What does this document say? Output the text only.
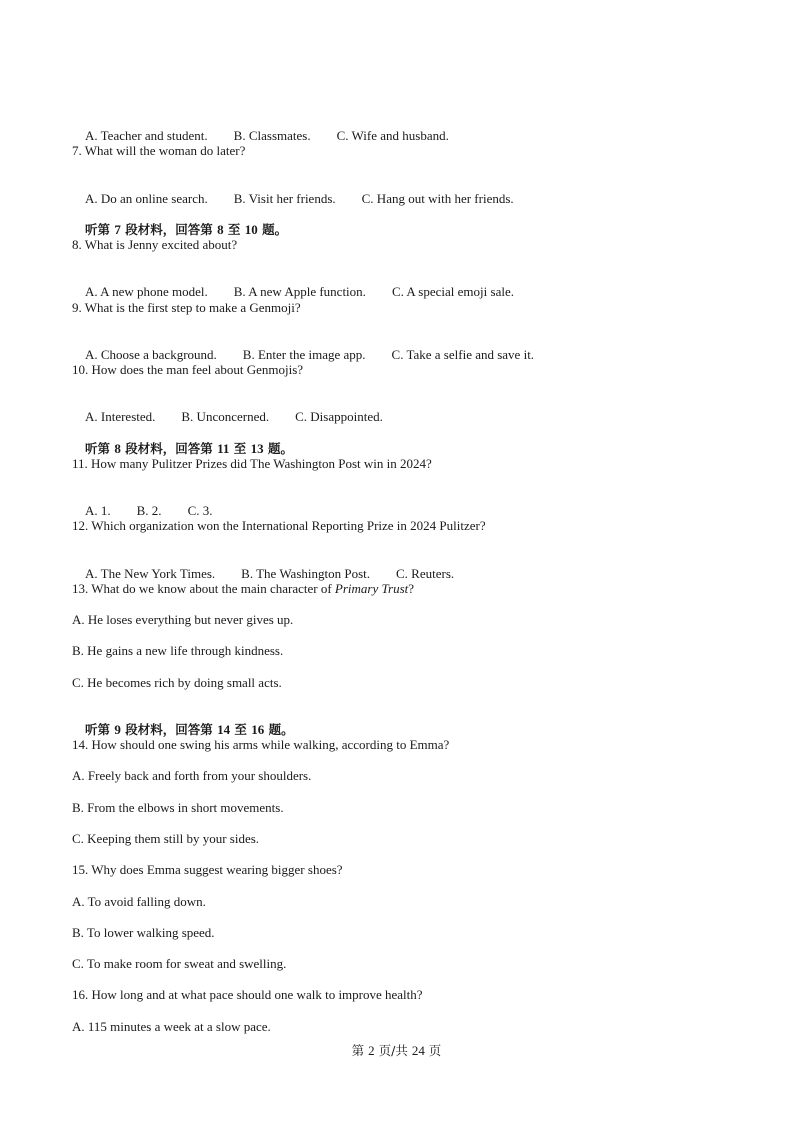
A. Teacher and student. B. Classmates. C. Wife and husband.

7. What will the woman do later?

A. Do an online search. B. Visit her friends. C. Hang out with her friends.

听第 7 段材料，回答第 8 至 10 题。

8. What is Jenny excited about?

A. A new phone model. B. A new Apple function. C. A special emoji sale.

9. What is the first step to make a Genmoji?

A. Choose a background. B. Enter the image app. C. Take a selfie and save it.

10. How does the man feel about Genmojis?

A. Interested. B. Unconcerned. C. Disappointed.

听第 8 段材料，回答第 11 至 13 题。

11. How many Pulitzer Prizes did The Washington Post win in 2024?

A. 1. B. 2. C. 3.

12. Which organization won the International Reporting Prize in 2024 Pulitzer?

A. The New York Times. B. The Washington Post. C. Reuters.

13. What do we know about the main character of Primary Trust?
A. He loses everything but never gives up.
B. He gains a new life through kindness.
C. He becomes rich by doing small acts.

听第 9 段材料，回答第 14 至 16 题。

14. How should one swing his arms while walking, according to Emma?
A. Freely back and forth from your shoulders.
B. From the elbows in short movements.
C. Keeping them still by your sides.
15. Why does Emma suggest wearing bigger shoes?
A. To avoid falling down.
B. To lower walking speed.
C. To make room for sweat and swelling.
16. How long and at what pace should one walk to improve health?
A. 115 minutes a week at a slow pace.
第 2 页/共 24 页
